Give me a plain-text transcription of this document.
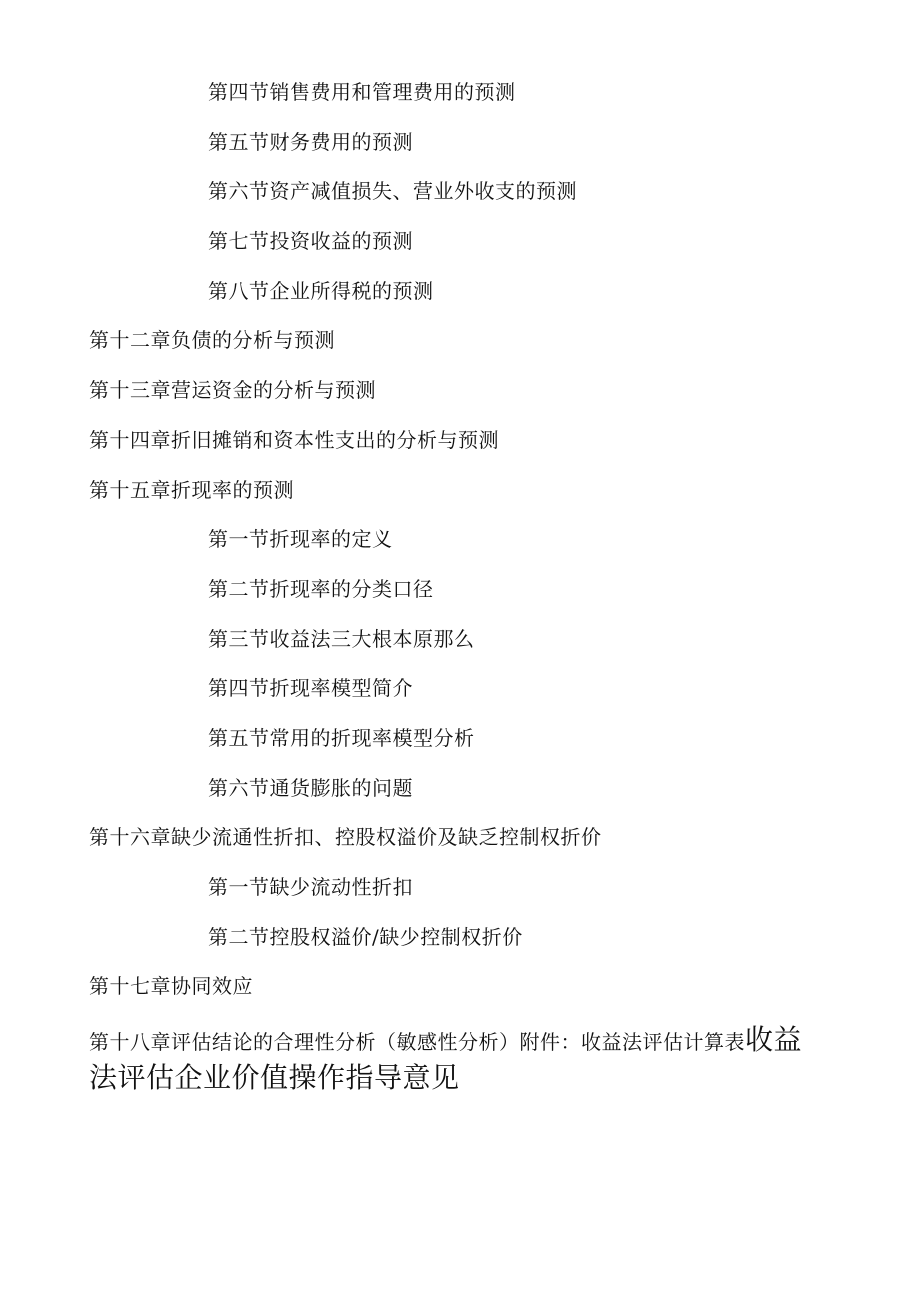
第四节销售费用和管理费用的预测
第五节财务费用的预测
第六节资产减值损失、营业外收支的预测
第七节投资收益的预测
第八节企业所得税的预测
第十二章负债的分析与预测
第十三章营运资金的分析与预测
第十四章折旧摊销和资本性支出的分析与预测
第十五章折现率的预测
第一节折现率的定义
第二节折现率的分类口径
第三节收益法三大根本原那么
第四节折现率模型简介
第五节常用的折现率模型分析
第六节通货膨胀的问题
第十六章缺少流通性折扣、控股权溢价及缺乏控制权折价
第一节缺少流动性折扣
第二节控股权溢价/缺少控制权折价
第十七章协同效应
第十八章评估结论的合理性分析（敏感性分析）附件：收益法评估计算表收益法评估企业价值操作指导意见
